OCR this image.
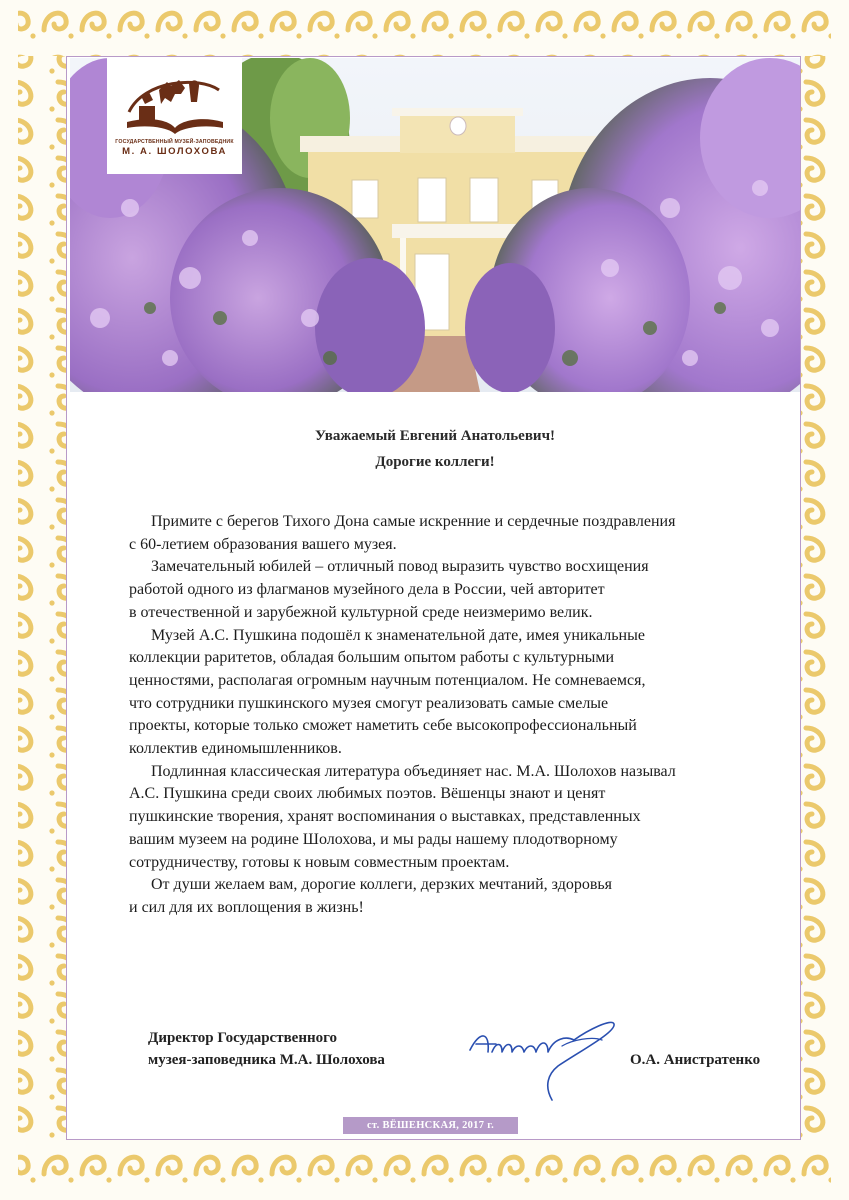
ГОСУДАРСТВЕННЫЙ МУЗЕЙ-ЗАПОВЕДНИК
М. А. ШОЛОХОВА
Уважаемый Евгений Анатольевич!
Дорогие коллеги!
Примите с берегов Тихого Дона самые искренние и сердечные поздравления
с 60-летием образования вашего музея.
Замечательный юбилей – отличный повод выразить чувство восхищения
работой одного из флагманов музейного дела в России, чей авторитет
в отечественной и зарубежной культурной среде неизмеримо велик.
Музей А.С. Пушкина подошёл к знаменательной дате, имея уникальные
коллекции раритетов, обладая большим опытом работы с культурными
ценностями, располагая огромным научным потенциалом. Не сомневаемся,
что сотрудники пушкинского музея смогут реализовать самые смелые
проекты, которые только сможет наметить себе высокопрофессиональный
коллектив единомышленников.
Подлинная классическая литература объединяет нас. М.А. Шолохов называл
А.С. Пушкина среди своих любимых поэтов. Вёшенцы знают и ценят
пушкинские творения, хранят воспоминания о выставках, представленных
вашим музеем на родине Шолохова, и мы рады нашему плодотворному
сотрудничеству, готовы к новым совместным проектам.
От души желаем вам, дорогие коллеги, дерзких мечтаний, здоровья
и сил для их воплощения в жизнь!
Директор Государственного
музея-заповедника М.А. Шолохова	О.А. Анистратенко
ст. ВЁШЕНСКАЯ, 2017 г.
